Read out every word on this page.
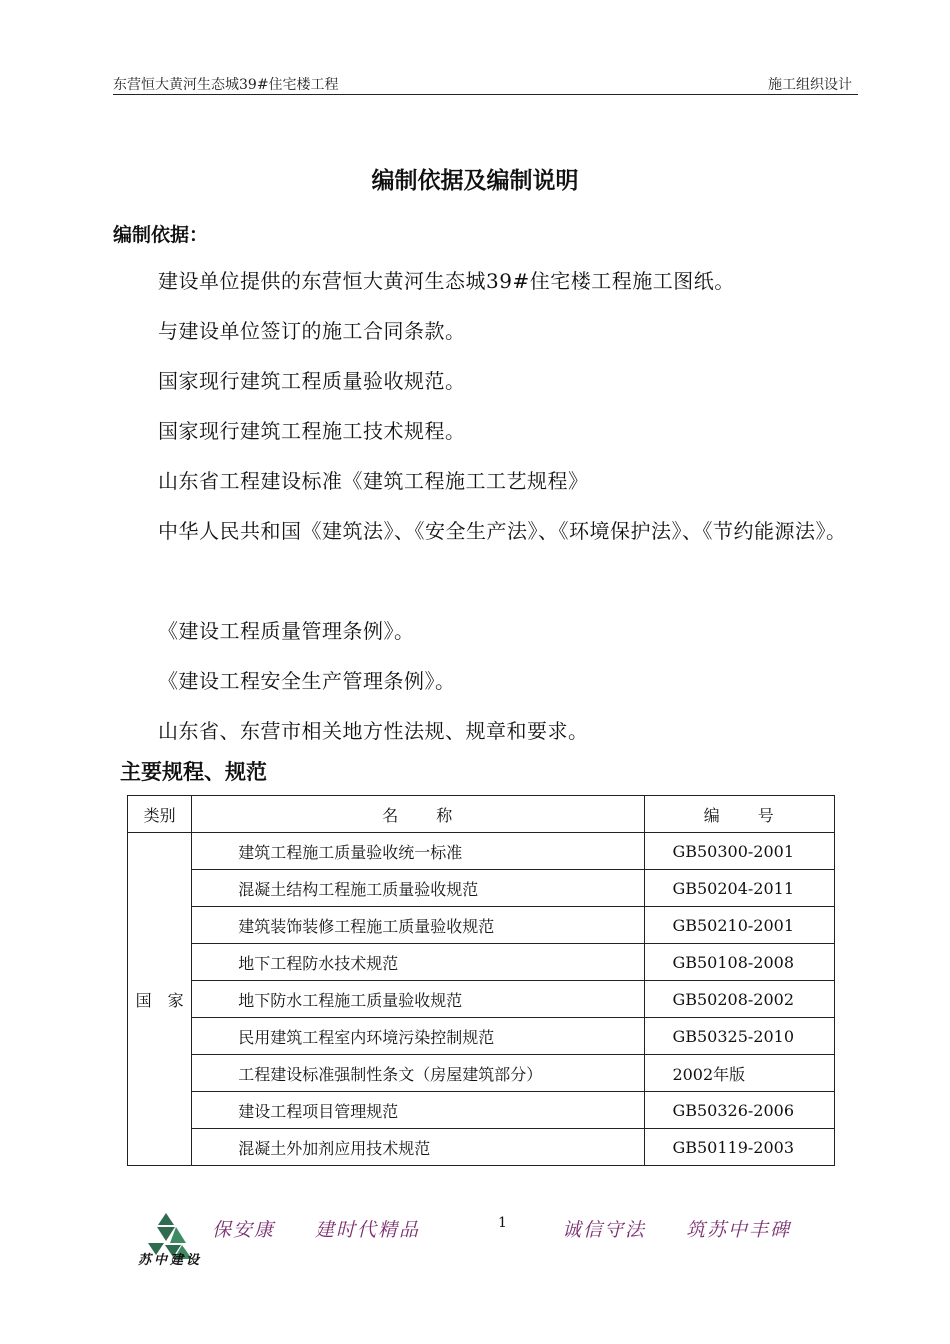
东营恒大黄河生态城39#住宅楼工程	施工组织设计
编制依据及编制说明
编制依据：
建设单位提供的东营恒大黄河生态城39#住宅楼工程施工图纸。
与建设单位签订的施工合同条款。
国家现行建筑工程质量验收规范。
国家现行建筑工程施工技术规程。
山东省工程建设标准《建筑工程施工工艺规程》
中华人民共和国《建筑法》、《安全生产法》、《环境保护法》、《节约能源法》。
《建设工程质量管理条例》。
《建设工程安全生产管理条例》。
山东省、东营市相关地方性法规、规章和要求。
主要规程、规范
类别	名　　称	编　　号
国　家	建筑工程施工质量验收统一标准	GB50300-2001
	混凝土结构工程施工质量验收规范	GB50204-2011
	建筑装饰装修工程施工质量验收规范	GB50210-2001
	地下工程防水技术规范	GB50108-2008
	地下防水工程施工质量验收规范	GB50208-2002
	民用建筑工程室内环境污染控制规范	GB50325-2010
	工程建设标准强制性条文（房屋建筑部分）	2002年版
	建设工程项目管理规范	GB50326-2006
	混凝土外加剂应用技术规范	GB50119-2003
苏中建设
保安康 建时代精品	1	诚信守法 筑苏中丰碑
